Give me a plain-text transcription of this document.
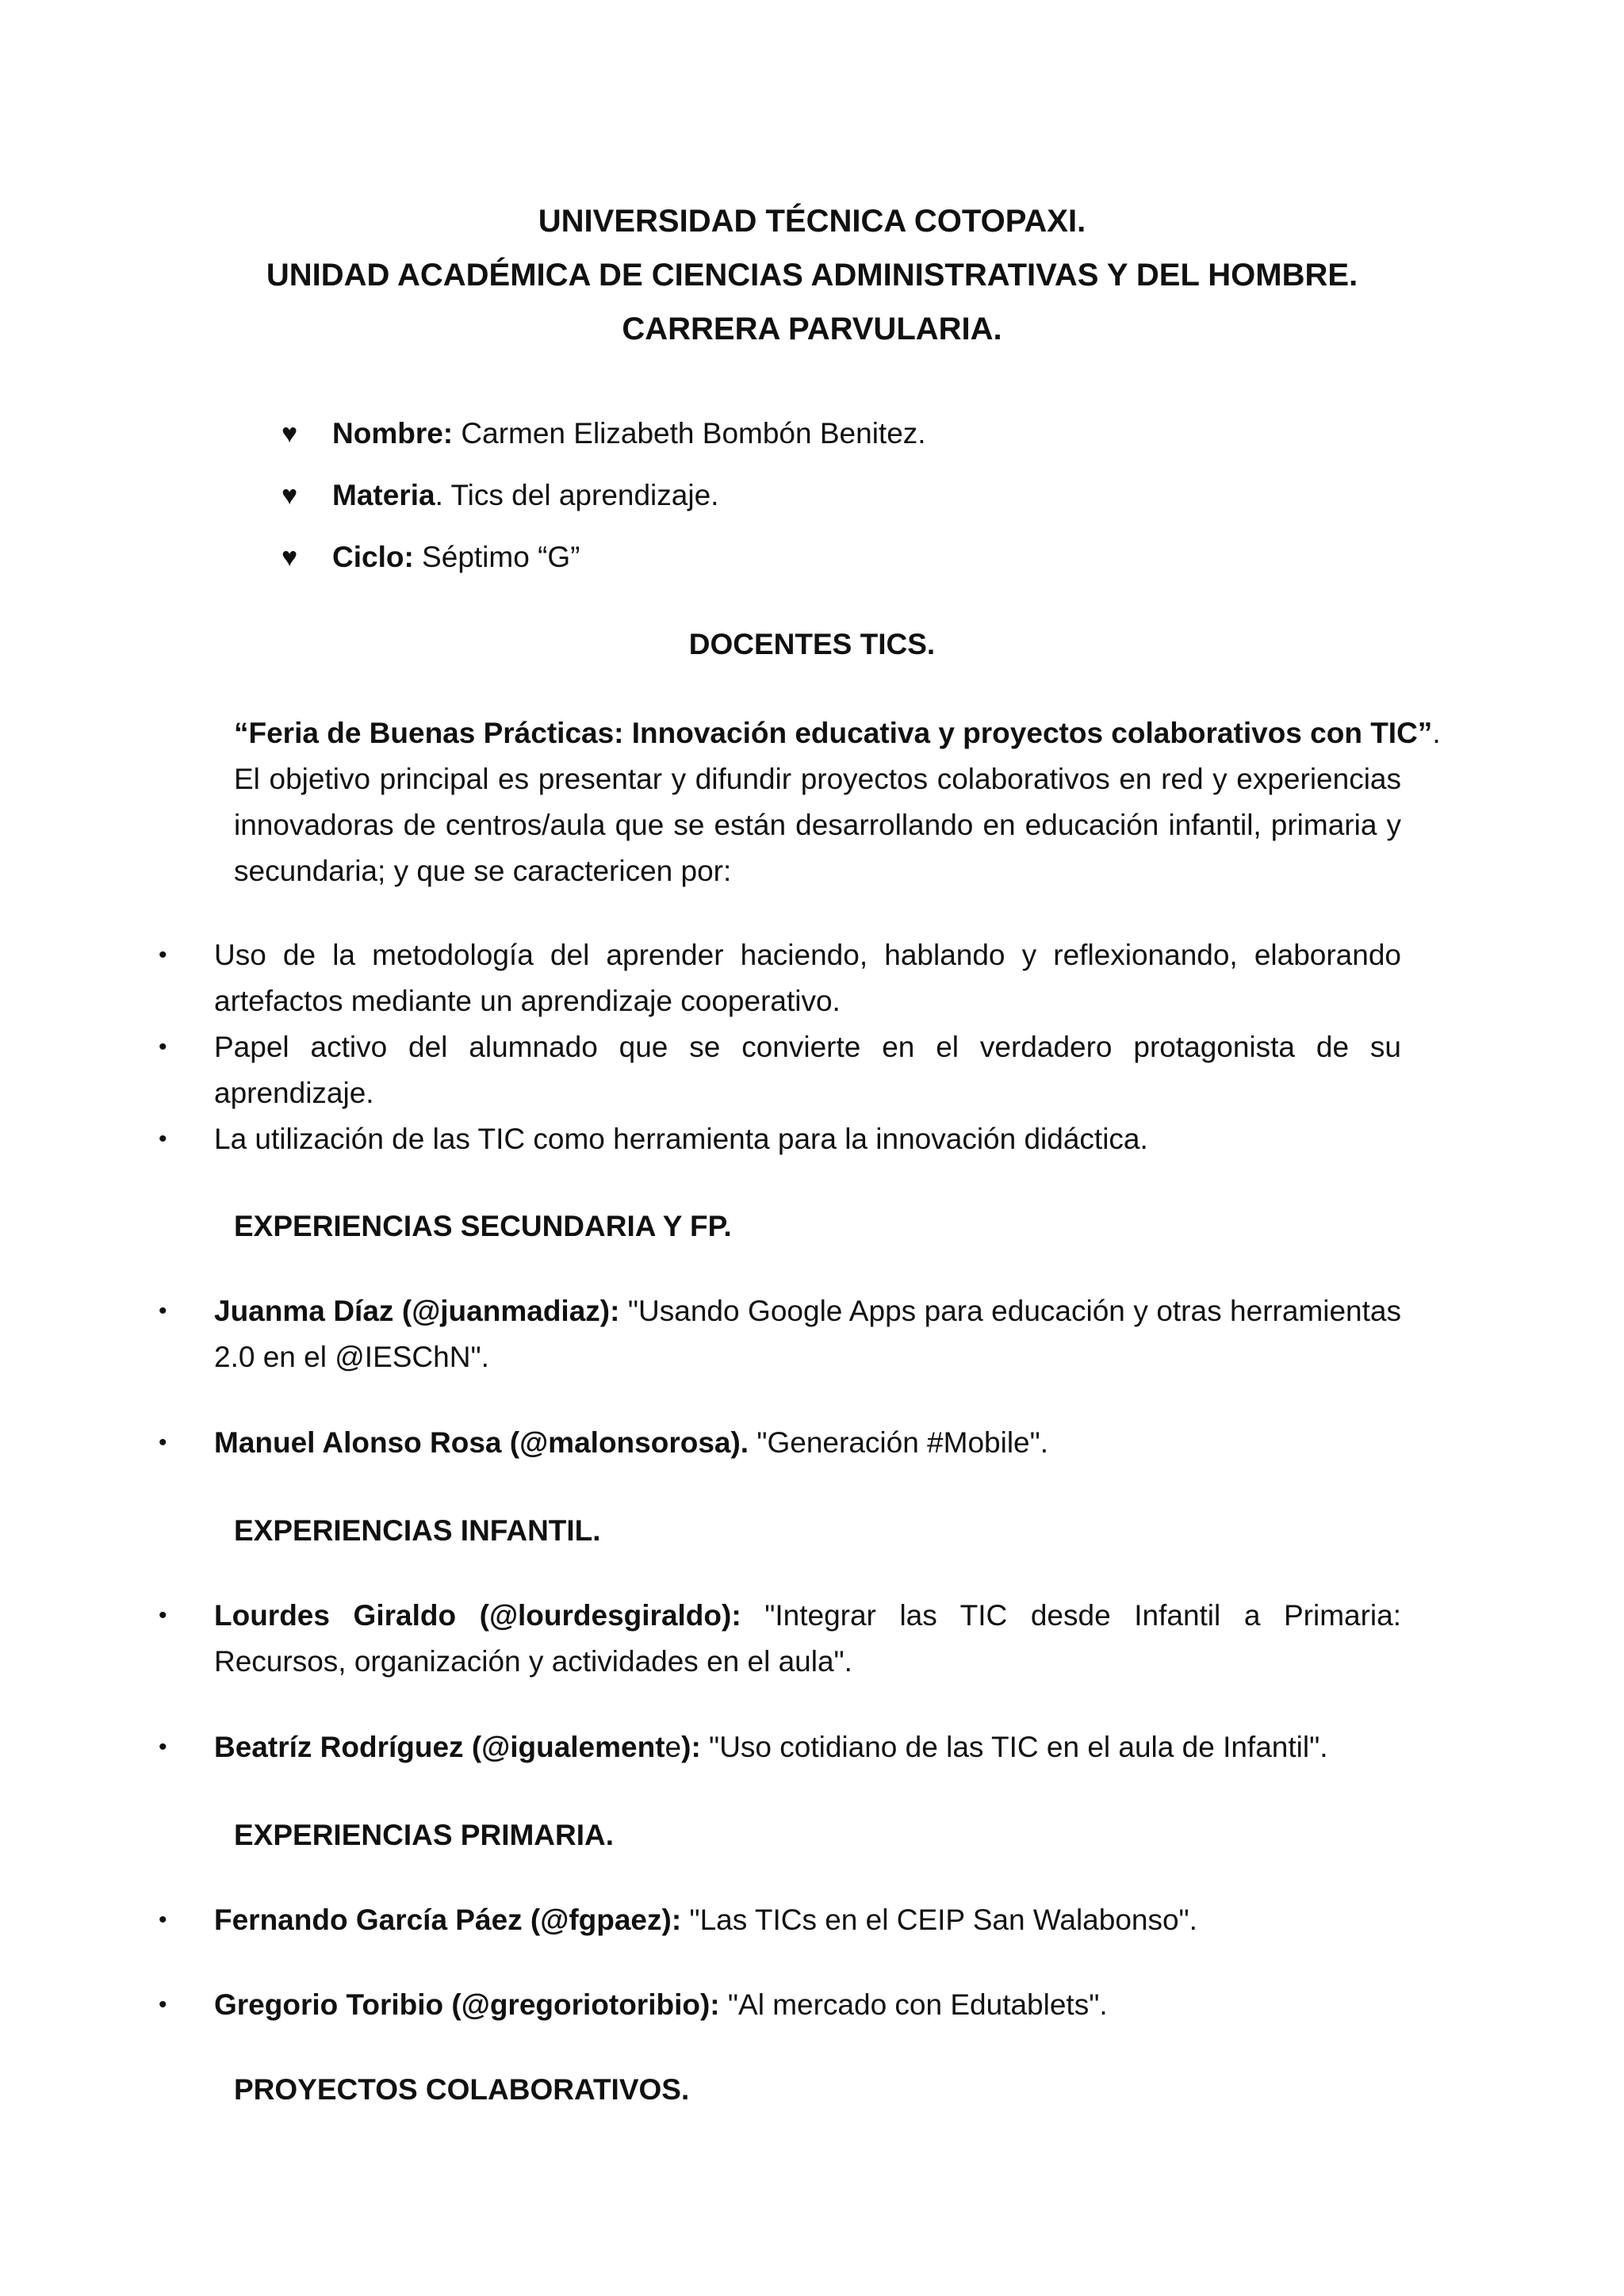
UNIVERSIDAD TÉCNICA COTOPAXI.
UNIDAD ACADÉMICA DE CIENCIAS ADMINISTRATIVAS Y DEL HOMBRE.
CARRERA PARVULARIA.
♥ Nombre: Carmen Elizabeth Bombón Benitez.
♥ Materia. Tics del aprendizaje.
♥ Ciclo: Séptimo “G”
DOCENTES TICS.
“Feria de Buenas Prácticas: Innovación educativa y proyectos colaborativos con TIC”.
El objetivo principal es presentar y difundir proyectos colaborativos en red y experiencias innovadoras de centros/aula que se están desarrollando en educación infantil, primaria y secundaria; y que se caractericen por:
• Uso de la metodología del aprender haciendo, hablando y reflexionando, elaborando artefactos mediante un aprendizaje cooperativo.
• Papel activo del alumnado que se convierte en el verdadero protagonista de su aprendizaje.
• La utilización de las TIC como herramienta para la innovación didáctica.
EXPERIENCIAS SECUNDARIA Y FP.
• Juanma Díaz (@juanmadiaz): "Usando Google Apps para educación y otras herramientas 2.0 en el @IESChN".
• Manuel Alonso Rosa (@malonsorosa). "Generación #Mobile".
EXPERIENCIAS INFANTIL.
• Lourdes Giraldo (@lourdesgiraldo): "Integrar las TIC desde Infantil a Primaria: Recursos, organización y actividades en el aula".
• Beatríz Rodríguez (@igualemente): "Uso cotidiano de las TIC en el aula de Infantil".
EXPERIENCIAS PRIMARIA.
• Fernando García Páez (@fgpaez): "Las TICs en el CEIP San Walabonso".
• Gregorio Toribio (@gregoriotoribio): "Al mercado con Edutablets".
PROYECTOS COLABORATIVOS.
